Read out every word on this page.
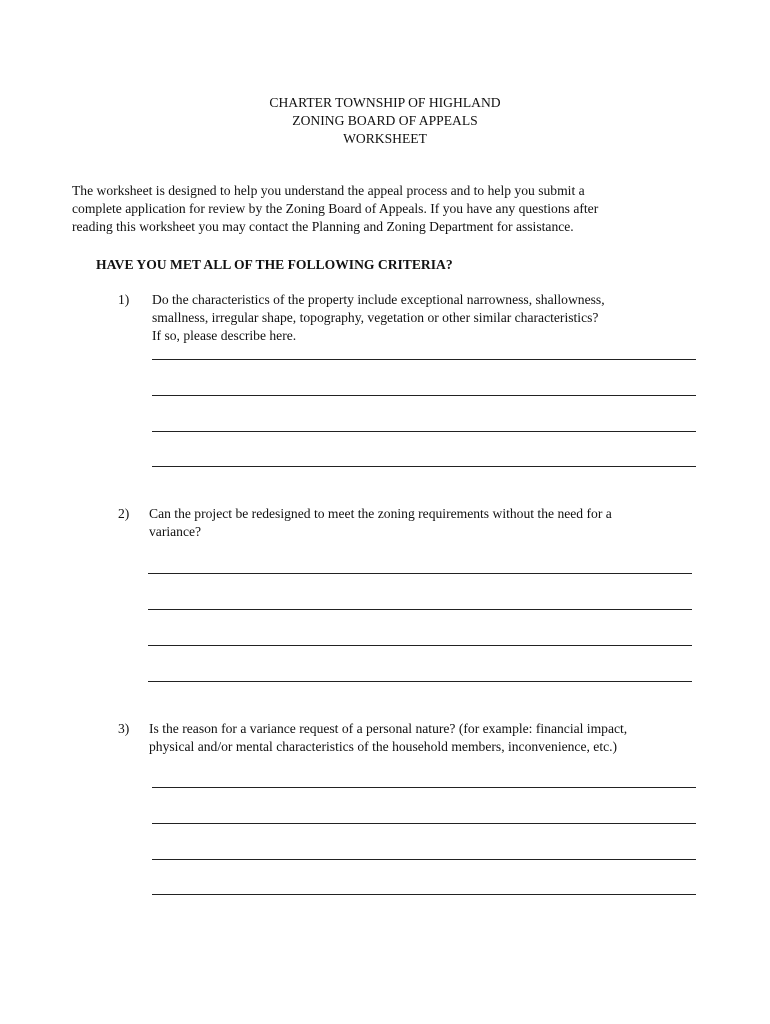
CHARTER TOWNSHIP OF HIGHLAND
ZONING BOARD OF APPEALS
WORKSHEET
The worksheet is designed to help you understand the appeal process and to help you submit a
complete application for review by the Zoning Board of Appeals. If you have any questions after
reading this worksheet you may contact the Planning and Zoning Department for assistance.
HAVE YOU MET ALL OF THE FOLLOWING CRITERIA?
1) Do the characteristics of the property include exceptional narrowness, shallowness,
smallness, irregular shape, topography, vegetation or other similar characteristics?
If so, please describe here.
2) Can the project be redesigned to meet the zoning requirements without the need for a
variance?
3) Is the reason for a variance request of a personal nature? (for example: financial impact,
physical and/or mental characteristics of the household members, inconvenience, etc.)
